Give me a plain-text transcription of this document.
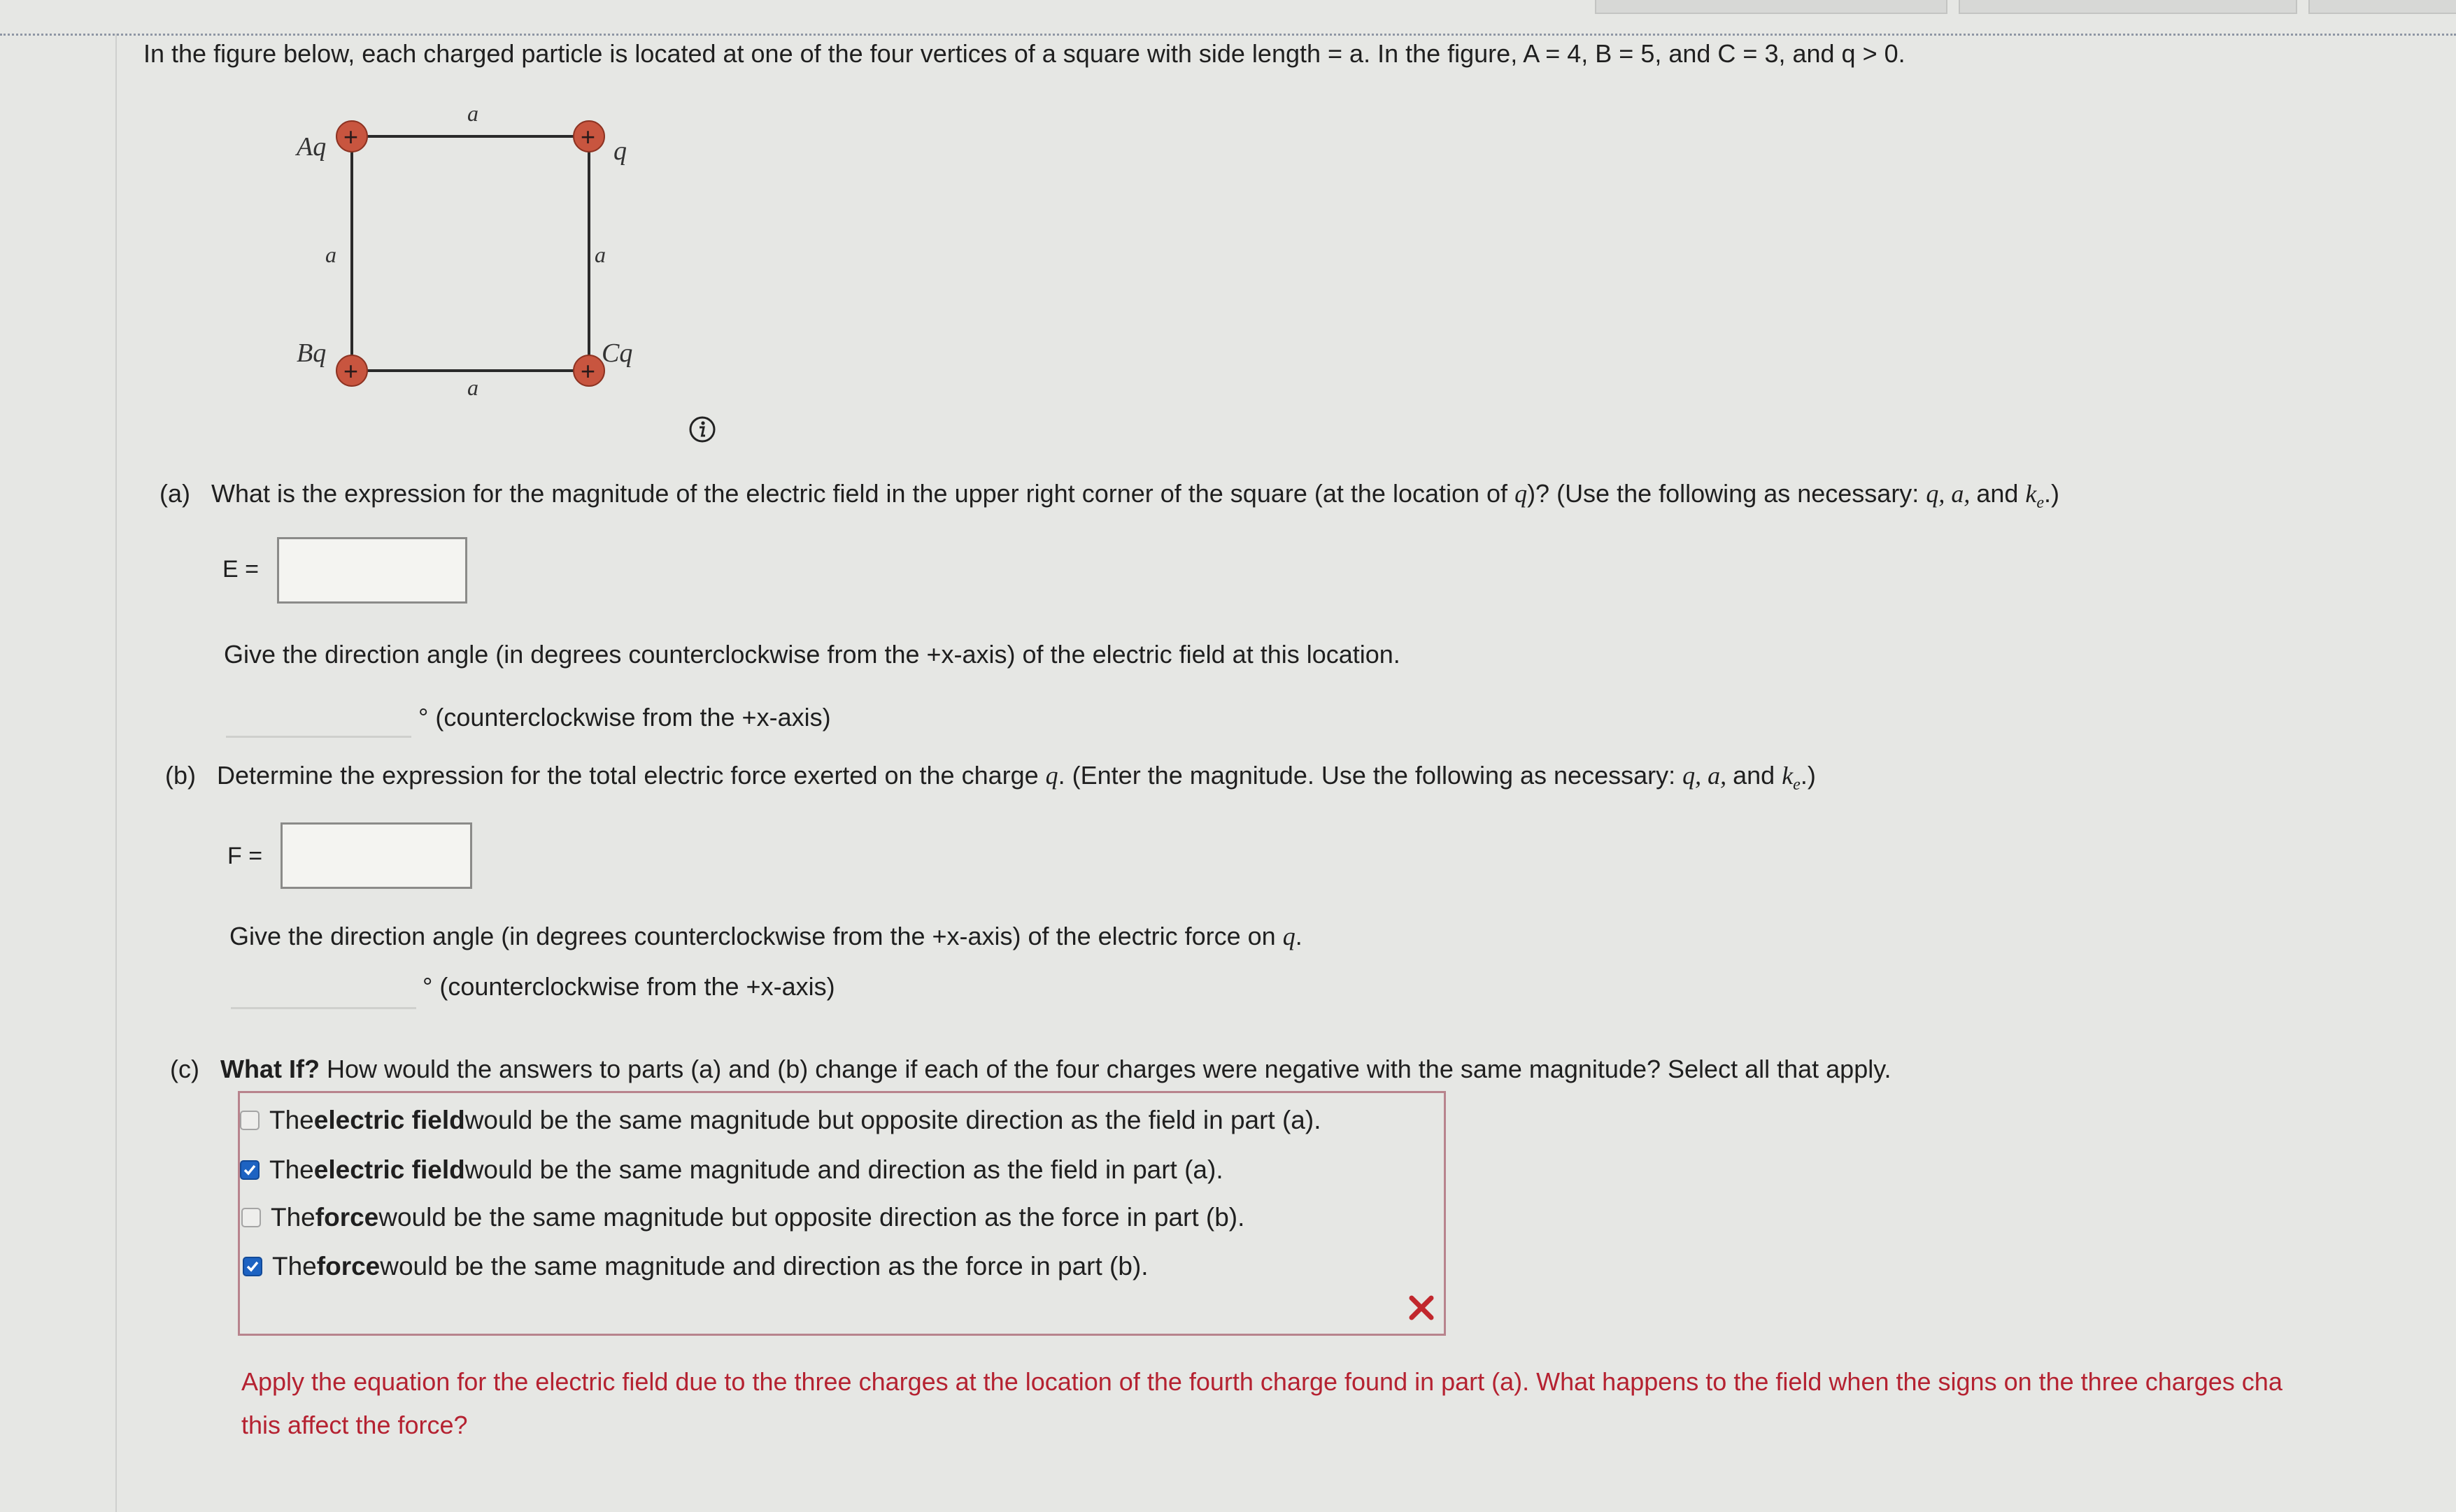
In the figure below, each charged particle is located at one of the four vertices of a square with side length = a. In the figure, A = 4, B = 5, and C = 3, and q > 0.
a
a
a	a
+
Aq	+ q
+
Bq
+
Cq
(a) What is the expression for the magnitude of the electric field in the upper right corner of the square (at the location of q)? (Use the following as necessary: q, a, and $k_e$.)
E =
Give the direction angle (in degrees counterclockwise from the +x-axis) of the electric field at this location.
° (counterclockwise from the +x-axis)
(b) Determine the expression for the total electric force exerted on the charge q. (Enter the magnitude. Use the following as necessary: q, a, and $k_e$.)
F =
Give the direction angle (in degrees counterclockwise from the +x-axis) of the electric force on q.
° (counterclockwise from the +x-axis)
(c) What If? How would the answers to parts (a) and (b) change if each of the four charges were negative with the same magnitude? Select all that apply.
The electric field would be the same magnitude but opposite direction as the field in part (a).
The electric field would be the same magnitude and direction as the field in part (a).
The force would be the same magnitude but opposite direction as the force in part (b).
The force would be the same magnitude and direction as the force in part (b).
Apply the equation for the electric field due to the three charges at the location of the fourth charge found in part (a). What happens to the field when the signs on the three charges cha
this affect the force?
